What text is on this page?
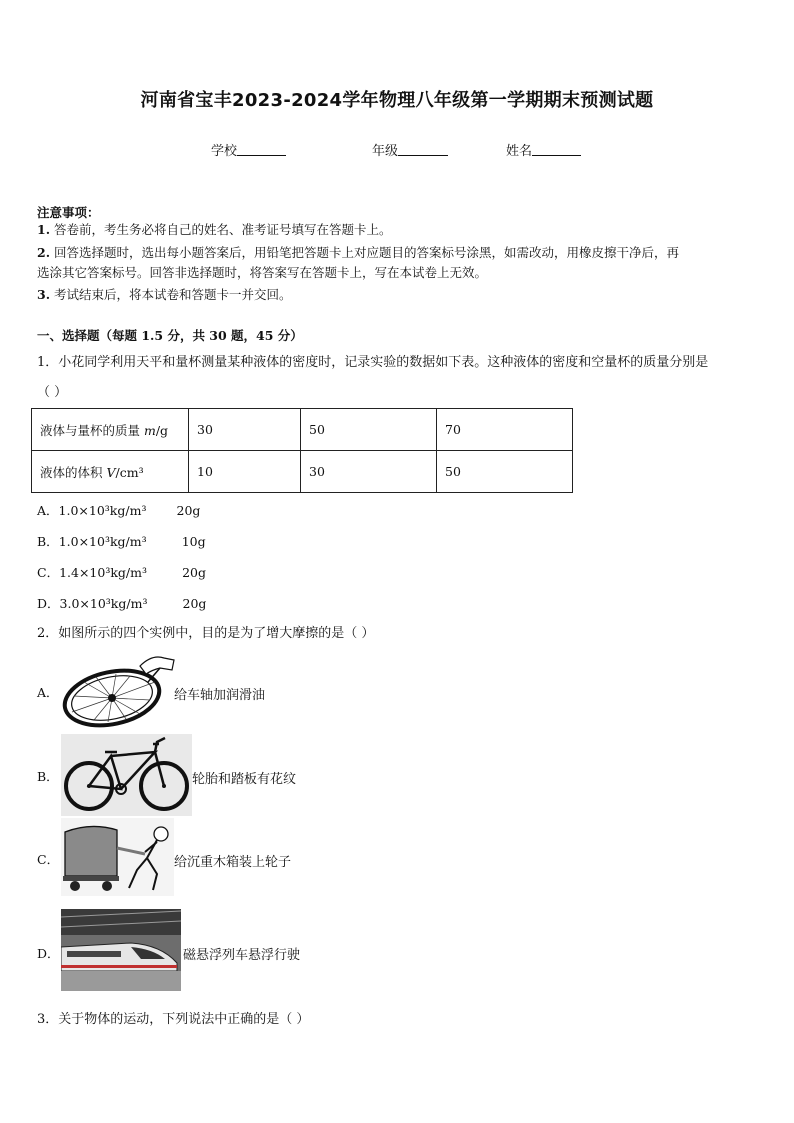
河南省宝丰2023-2024学年物理八年级第一学期期末预测试题
学校	年级	姓名
注意事项：
1. 答卷前，考生务必将自己的姓名、准考证号填写在答题卡上。
2. 回答选择题时，选出每小题答案后，用铅笔把答题卡上对应题目的答案标号涂黑，如需改动，用橡皮擦干净后，再
选涂其它答案标号。回答非选择题时，将答案写在答题卡上，写在本试卷上无效。
3. 考试结束后，将本试卷和答题卡一并交回。
一、选择题（每题 1.5 分，共 30 题，45 分）
1．小花同学利用天平和量杯测量某种液体的密度时，记录实验的数据如下表。这种液体的密度和空量杯的质量分别是
（ ）
液体与量杯的质量 m/g	30	50	70
液体的体积 V/cm³	10	30	50
A．1.0×10³kg/m³ 20g
B．1.0×10³kg/m³	10g
C．1.4×10³kg/m³	20g
D．3.0×10³kg/m³	20g
2．如图所示的四个实例中，目的是为了增大摩擦的是（ ）
A．	给车轴加润滑油
B．	轮胎和踏板有花纹
C．	给沉重木箱装上轮子
D．	磁悬浮列车悬浮行驶
3．关于物体的运动，下列说法中正确的是（ ）
